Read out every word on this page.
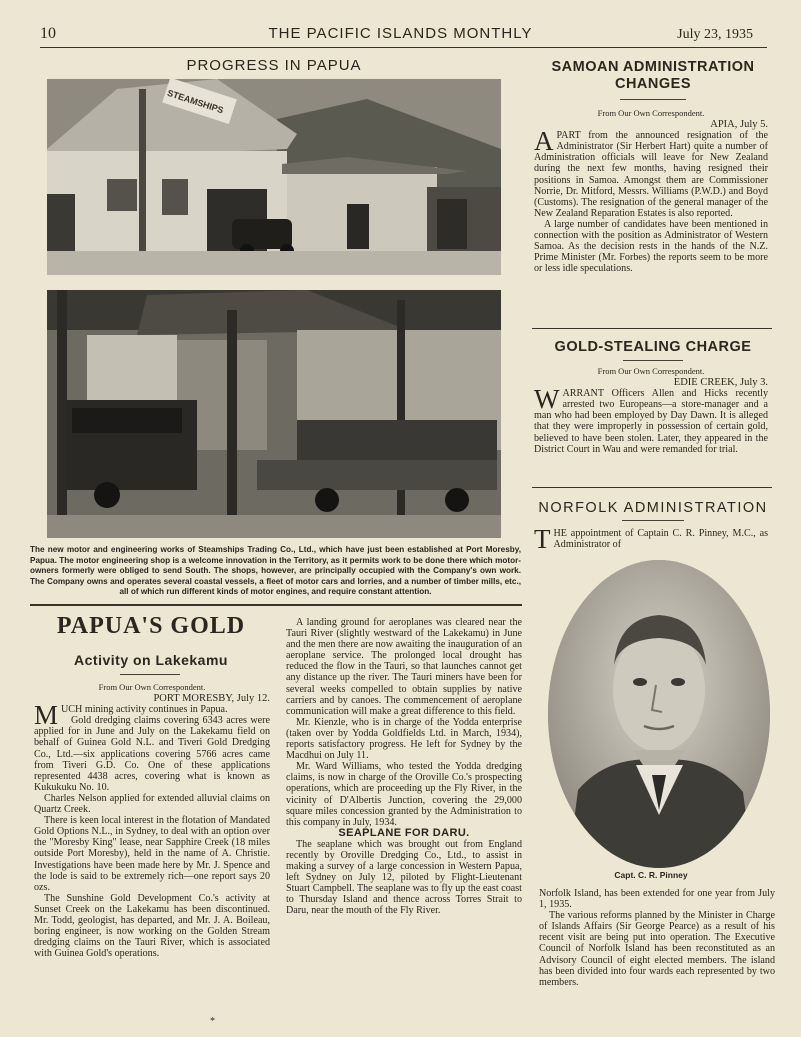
10	THE PACIFIC ISLANDS MONTHLY	July 23, 1935
PROGRESS IN PAPUA
STEAMSHIPS
The new motor and engineering works of Steamships Trading Co., Ltd., which have just been established at Port Moresby, Papua. The motor engineering shop is a welcome innovation in the Territory, as it permits work to be done there which motor-owners formerly were obliged to send South. The shops, however, are principally occupied with the Company's own work. The Company owns and operates several coastal vessels, a fleet of motor cars and lorries, and a number of timber mills, etc., all of which run different kinds of motor engines, and require constant attention.
SAMOAN ADMINISTRATION
CHANGES

From Our Own Correspondent.

APIA, July 5.

APART from the announced resignation of the Administrator (Sir Herbert Hart) quite a number of Administration officials will leave for New Zealand during the next few months, having resigned their positions in Samoa. Amongst them are Commissioner Norrie, Dr. Mitford, Messrs. Williams (P.W.D.) and Boyd (Customs). The resignation of the general manager of the New Zealand Reparation Estates is also reported.

A large number of candidates have been mentioned in connection with the position as Administrator of Western Samoa. As the decision rests in the hands of the N.Z. Prime Minister (Mr. Forbes) the reports seem to be more or less idle speculations.

GOLD-STEALING CHARGE

From Our Own Correspondent.

EDIE CREEK, July 3.

WARRANT Officers Allen and Hicks recently arrested two Europeans—a store-manager and a man who had been employed by Day Dawn. It is alleged that they were improperly in possession of certain gold, believed to have been stolen. Later, they appeared in the District Court in Wau and were remanded for trial.

NORFOLK ADMINISTRATION

THE appointment of Captain C. R. Pinney, M.C., as Administrator of

Capt. C. R. Pinney

Norfolk Island, has been extended for one year from July 1, 1935.

The various reforms planned by the Minister in Charge of Islands Affairs (Sir George Pearce) as a result of his recent visit are being put into operation. The Executive Council of Norfolk Island has been reconstituted as an Advisory Council of eight elected members. The island has been divided into four wards each represented by two members.

PAPUA'S GOLD
Activity on Lakekamu

From Our Own Correspondent.

PORT MORESBY, July 12.

MUCH mining activity continues in Papua.

Gold dredging claims covering 6343 acres were applied for in June and July on the Lakekamu field on behalf of Guinea Gold N.L. and Tiveri Gold Dredging Co., Ltd.—six applications covering 5766 acres came from Tiveri G.D. Co. One of these applications represented 4438 acres, covering what is known as Kukukuku No. 10.

Charles Nelson applied for extended alluvial claims on Quartz Creek.

There is keen local interest in the flotation of Mandated Gold Options N.L., in Sydney, to deal with an option over the "Moresby King" lease, near Sapphire Creek (18 miles outside Port Moresby), held in the name of A. Christie. Investigations have been made here by Mr. J. Spence and the lode is said to be extremely rich—one report says 20 ozs.

The Sunshine Gold Development Co.'s activity at Sunset Creek on the Lakekamu has been discontinued. Mr. Todd, geologist, has departed, and Mr. J. A. Boileau, boring engineer, is now working on the Golden Stream dredging claims on the Tauri River, which is associated with Guinea Gold's operations.

A landing ground for aeroplanes was cleared near the Tauri River (slightly westward of the Lakekamu) in June and the men there are now awaiting the inauguration of an aeroplane service. The prolonged local drought has reduced the flow in the Tauri, so that launches cannot get any distance up the river. The Tauri miners have been for several weeks compelled to obtain supplies by native carriers and by canoes. The commencement of aeroplane communication will make a great difference to this field.

Mr. Kienzle, who is in charge of the Yodda enterprise (taken over by Yodda Goldfields Ltd. in March, 1934), reports satisfactory progress. He left for Sydney by the Macdhui on July 11.

Mr. Ward Williams, who tested the Yodda dredging claims, is now in charge of the Oroville Co.'s prospecting operations, which are proceeding up the Fly River, in the vicinity of D'Albertis Junction, covering the 29,000 square miles concession granted by the Administration to this company in July, 1934.

SEAPLANE FOR DARU.

The seaplane which was brought out from England recently by Oroville Dredging Co., Ltd., to assist in making a survey of a large concession in Western Papua, left Sydney on July 12, piloted by Flight-Lieutenant Stuart Campbell. The seaplane was to fly up the east coast to Thursday Island and thence across Torres Strait to Daru, near the mouth of the Fly River.

*
